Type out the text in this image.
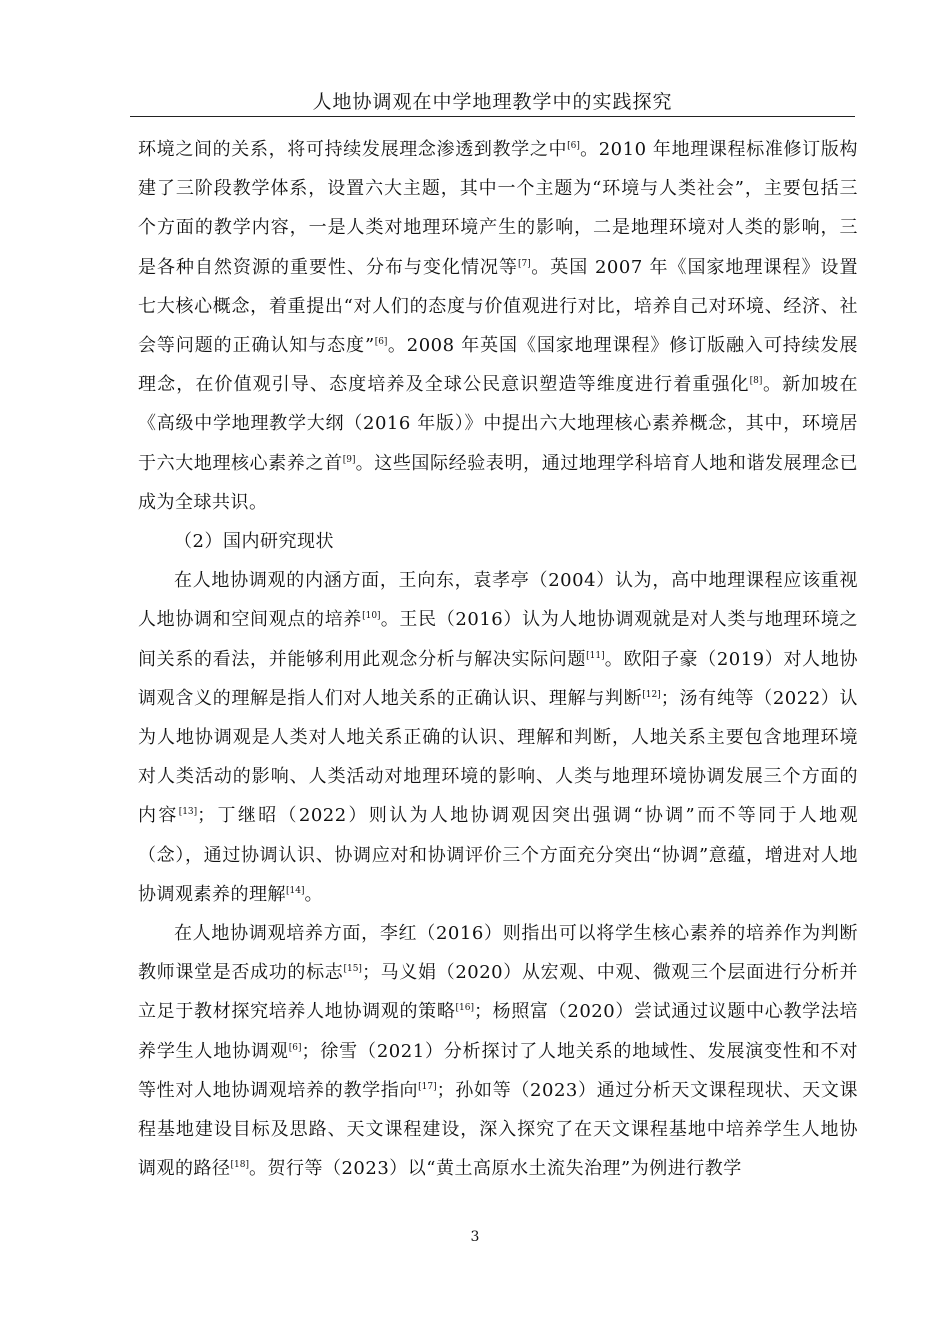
人地协调观在中学地理教学中的实践探究

环境之间的关系，将可持续发展理念渗透到教学之中[6]。2010 年地理课程标准修订版构建了三阶段教学体系，设置六大主题，其中一个主题为“环境与人类社会”，主要包括三个方面的教学内容，一是人类对地理环境产生的影响，二是地理环境对人类的影响，三是各种自然资源的重要性、分布与变化情况等[7]。英国 2007 年《国家地理课程》设置七大核心概念，着重提出“对人们的态度与价值观进行对比，培养自己对环境、经济、社会等问题的正确认知与态度”[6]。2008 年英国《国家地理课程》修订版融入可持续发展理念，在价值观引导、态度培养及全球公民意识塑造等维度进行着重强化[8]。新加坡在《高级中学地理教学大纲（2016 年版）》中提出六大地理核心素养概念，其中，环境居于六大地理核心素养之首[9]。这些国际经验表明，通过地理学科培育人地和谐发展理念已成为全球共识。

（2）国内研究现状

在人地协调观的内涵方面，王向东，袁孝亭（2004）认为，高中地理课程应该重视人地协调和空间观点的培养[10]。王民（2016）认为人地协调观就是对人类与地理环境之间关系的看法，并能够利用此观念分析与解决实际问题[11]。欧阳子豪（2019）对人地协调观含义的理解是指人们对人地关系的正确认识、理解与判断[12]；汤有纯等（2022）认为人地协调观是人类对人地关系正确的认识、理解和判断，人地关系主要包含地理环境对人类活动的影响、人类活动对地理环境的影响、人类与地理环境协调发展三个方面的内容[13]；丁继昭（2022）则认为人地协调观因突出强调“协调”而不等同于人地观（念），通过协调认识、协调应对和协调评价三个方面充分突出“协调”意蕴，增进对人地协调观素养的理解[14]。

在人地协调观培养方面，李红（2016）则指出可以将学生核心素养的培养作为判断教师课堂是否成功的标志[15]；马义娟（2020）从宏观、中观、微观三个层面进行分析并立足于教材探究培养人地协调观的策略[16]；杨照富（2020）尝试通过议题中心教学法培养学生人地协调观[6]；徐雪（2021）分析探讨了人地关系的地域性、发展演变性和不对等性对人地协调观培养的教学指向[17]；孙如等（2023）通过分析天文课程现状、天文课程基地建设目标及思路、天文课程建设，深入探究了在天文课程基地中培养学生人地协调观的路径[18]。贺行等（2023）以“黄土高原水土流失治理”为例进行教学

3
